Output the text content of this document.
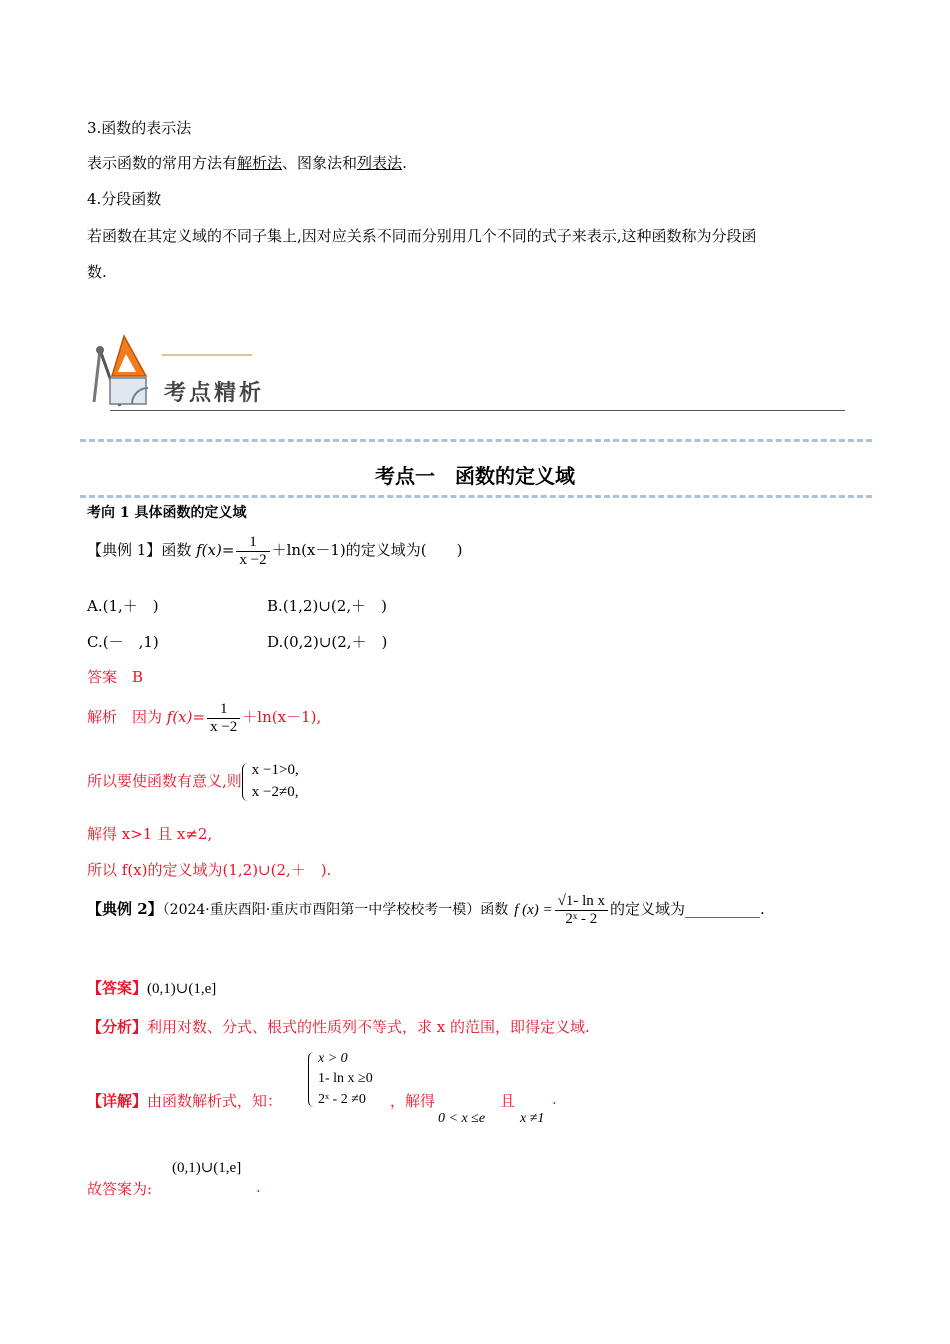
3.函数的表示法
表示函数的常用方法有解析法、图象法和列表法.
4.分段函数
若函数在其定义域的不同子集上,因对应关系不同而分别用几个不同的式子来表示,这种函数称为分段函
数.
考点精析
考点一　函数的定义域
考向 1 具体函数的定义域
【典例 1】函数 $f(x)= \frac{1}{x -2} +\ln(x-1)$的定义域为(　　)
A.(1,＋　)	B.(1,2)∪(2,＋　)
C.(－　,1)	D.(0,2)∪(2,＋　)
答案　B
解析　因为 $f(x)= \frac{1}{x -2} +\ln(x-1)$,
所以要使函数有意义,则
x −1>0,
x −2≠0,
解得 x>1 且 x≠2,
所以 f(x)的定义域为(1,2)∪(2,＋　).
【典例 2】（2024·重庆酉阳·重庆市酉阳第一中学校校考一模）函数 f $(x) = \frac{\text{√1- ln x}}{\text{2ˣ - 2}}$ 的定义域为__________.
【答案】(0,1)∪(1,e]
【分析】利用对数、分式、根式的性质列不等式，求 x 的范围，即得定义域.
【详解】由函数解析式，知：
x > 0
1- ln x ≥0
2ˣ - 2 ≠0	，解得	且 .
0 < x ≤e x ≠1
(0,1)∪(1,e]
故答案为:	.
